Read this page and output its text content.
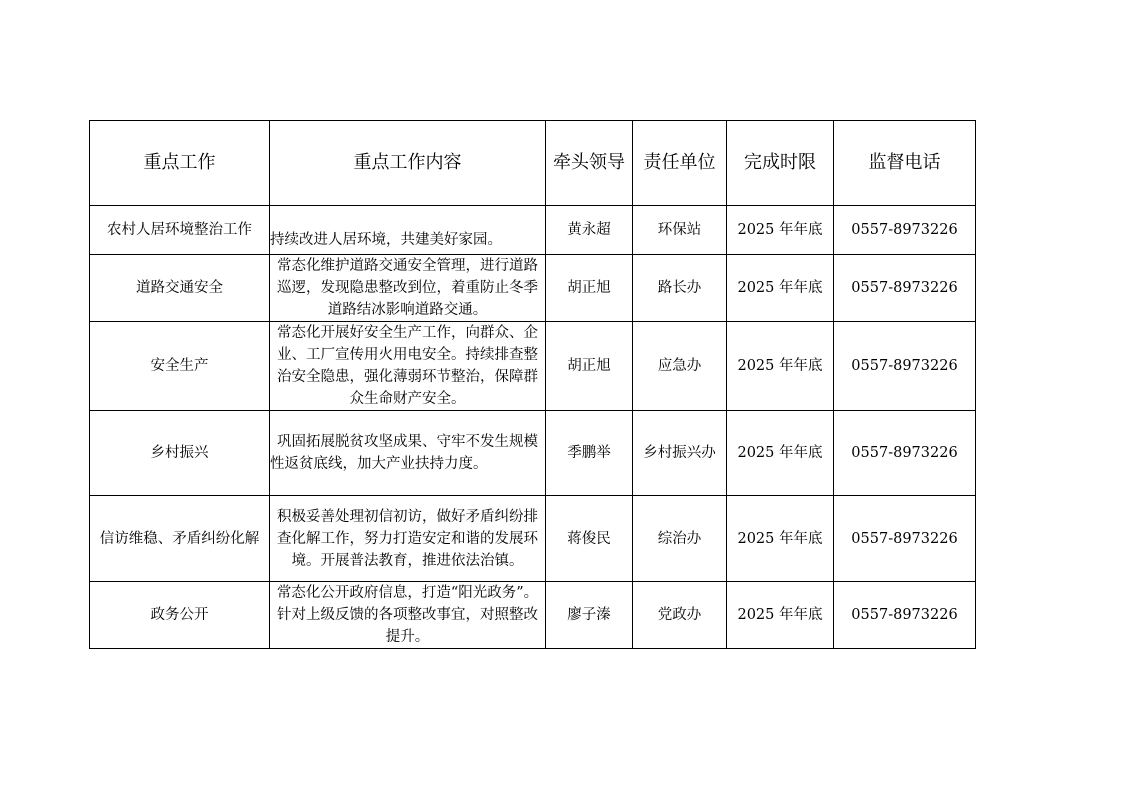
重点工作	重点工作内容	牵头领导	责任单位	完成时限	监督电话
农村人居环境整治工作	持续改进人居环境，共建美好家园。	黄永超	环保站	2025 年年底	0557-8973226
道路交通安全	常态化维护道路交通安全管理，进行道路巡逻，发现隐患整改到位，着重防止冬季道路结冰影响道路交通。	胡正旭	路长办	2025 年年底	0557-8973226
安全生产	常态化开展好安全生产工作，向群众、企业、工厂宣传用火用电安全。持续排查整治安全隐患，强化薄弱环节整治，保障群众生命财产安全。	胡正旭	应急办	2025 年年底	0557-8973226
乡村振兴	巩固拓展脱贫攻坚成果、守牢不发生规模性返贫底线，加大产业扶持力度。	季鹏举	乡村振兴办	2025 年年底	0557-8973226
信访维稳、矛盾纠纷化解	积极妥善处理初信初访，做好矛盾纠纷排查化解工作，努力打造安定和谐的发展环境。开展普法教育，推进依法治镇。	蒋俊民	综治办	2025 年年底	0557-8973226
政务公开	常态化公开政府信息，打造“阳光政务”。针对上级反馈的各项整改事宜，对照整改提升。	廖子溱	党政办	2025 年年底	0557-8973226
